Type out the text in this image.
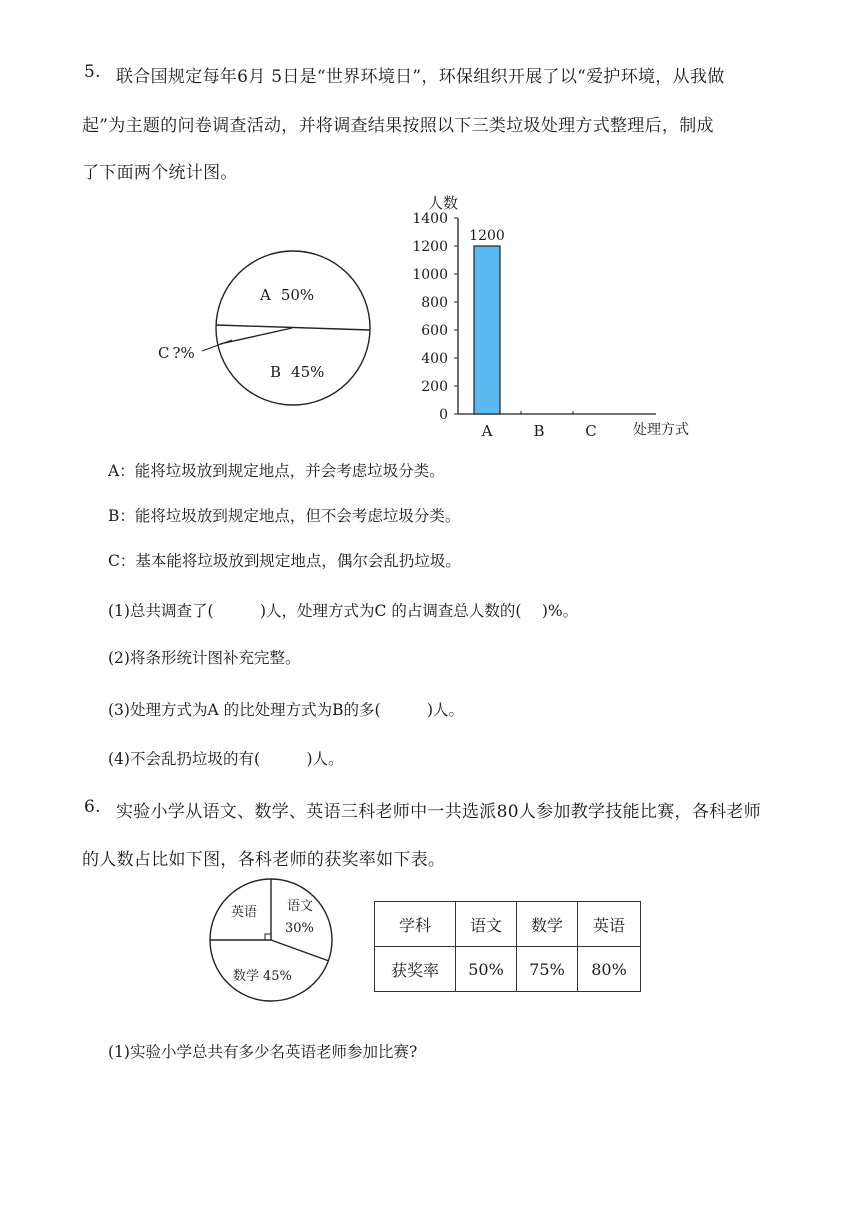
5. 联合国规定每年6月 5日是“世界环境日”，环保组织开展了以“爱护环境，从我做
起”为主题的问卷调查活动，并将调查结果按照以下三类垃圾处理方式整理后，制成
了下面两个统计图。
A 50%
B 45%
C ?%
人数
0
200
400
600
800
1000
1200
1400
1200
A	B	C	处理方式
A：能将垃圾放到规定地点，并会考虑垃圾分类。
B：能将垃圾放到规定地点，但不会考虑垃圾分类。
C：基本能将垃圾放到规定地点，偶尔会乱扔垃圾。
(1)总共调查了(　　　)人，处理方式为C 的占调查总人数的(　 )%。
(2)将条形统计图补充完整。
(3)处理方式为A 的比处理方式为B的多(　　　)人。
(4)不会乱扔垃圾的有(　　　)人。
6. 实验小学从语文、数学、英语三科老师中一共选派80人参加教学技能比赛，各科老师
的人数占比如下图，各科老师的获奖率如下表。
英语 语文
30%
数学 45%
学科	语文	数学	英语
获奖率	50%	75%	80%
(1)实验小学总共有多少名英语老师参加比赛?
